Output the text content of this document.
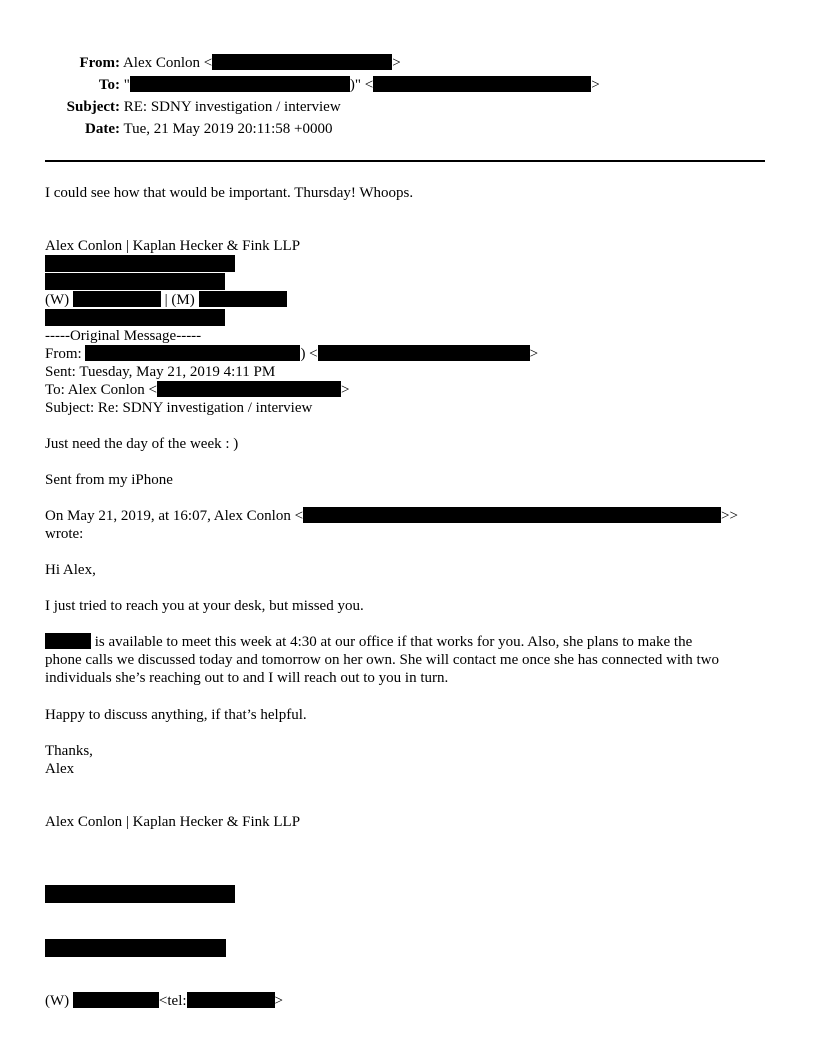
From: Alex Conlon <	>
To: "	)" <	>
Subject: RE: SDNY investigation / interview
Date: Tue, 21 May 2019 20:11:58 +0000
I could see how that would be important. Thursday! Whoops.
Alex Conlon | Kaplan Hecker & Fink LLP
(W)	| (M)
-----Original Message-----
From:	) <	>
Sent: Tuesday, May 21, 2019 4:11 PM
To: Alex Conlon <	>
Subject: Re: SDNY investigation / interview
Just need the day of the week : )
Sent from my iPhone
On May 21, 2019, at 16:07, Alex Conlon <	>>
wrote:
Hi Alex,
I just tried to reach you at your desk, but missed you.
is available to meet this week at 4:30 at our office if that works for you. Also, she plans to make the
phone calls we discussed today and tomorrow on her own. She will contact me once she has connected with two
individuals she’s reaching out to and I will reach out to you in turn.
Happy to discuss anything, if that’s helpful.
Thanks,
Alex
Alex Conlon | Kaplan Hecker & Fink LLP
(W)	<tel:	>
